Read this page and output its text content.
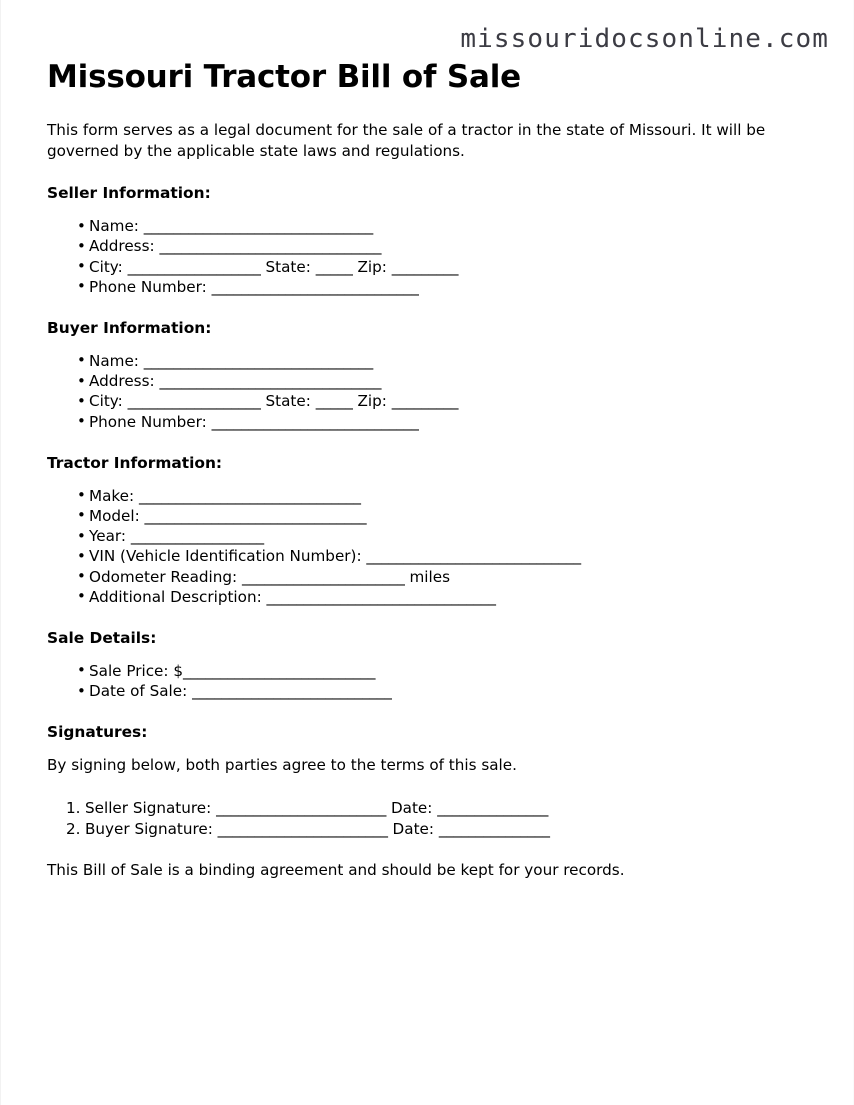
missouridocsonline.com
Missouri Tractor Bill of Sale

This form serves as a legal document for the sale of a tractor in the state of Missouri. It will be governed by the applicable state laws and regulations.

Seller Information:
• Name: _______________________________
• Address: ______________________________
• City: __________________ State: _____ Zip: _________
• Phone Number: ____________________________
Buyer Information:
• Name: _______________________________
• Address: ______________________________
• City: __________________ State: _____ Zip: _________
• Phone Number: ____________________________
Tractor Information:
• Make: ______________________________
• Model: ______________________________
• Year: __________________
• VIN (Vehicle Identification Number): _____________________________
• Odometer Reading: ______________________ miles
• Additional Description: _______________________________
Sale Details:
• Sale Price: $__________________________
• Date of Sale: ___________________________
Signatures:

By signing below, both parties agree to the terms of this sale.

Seller Signature: _______________________ Date: _______________
Buyer Signature: _______________________ Date: _______________

This Bill of Sale is a binding agreement and should be kept for your records.
